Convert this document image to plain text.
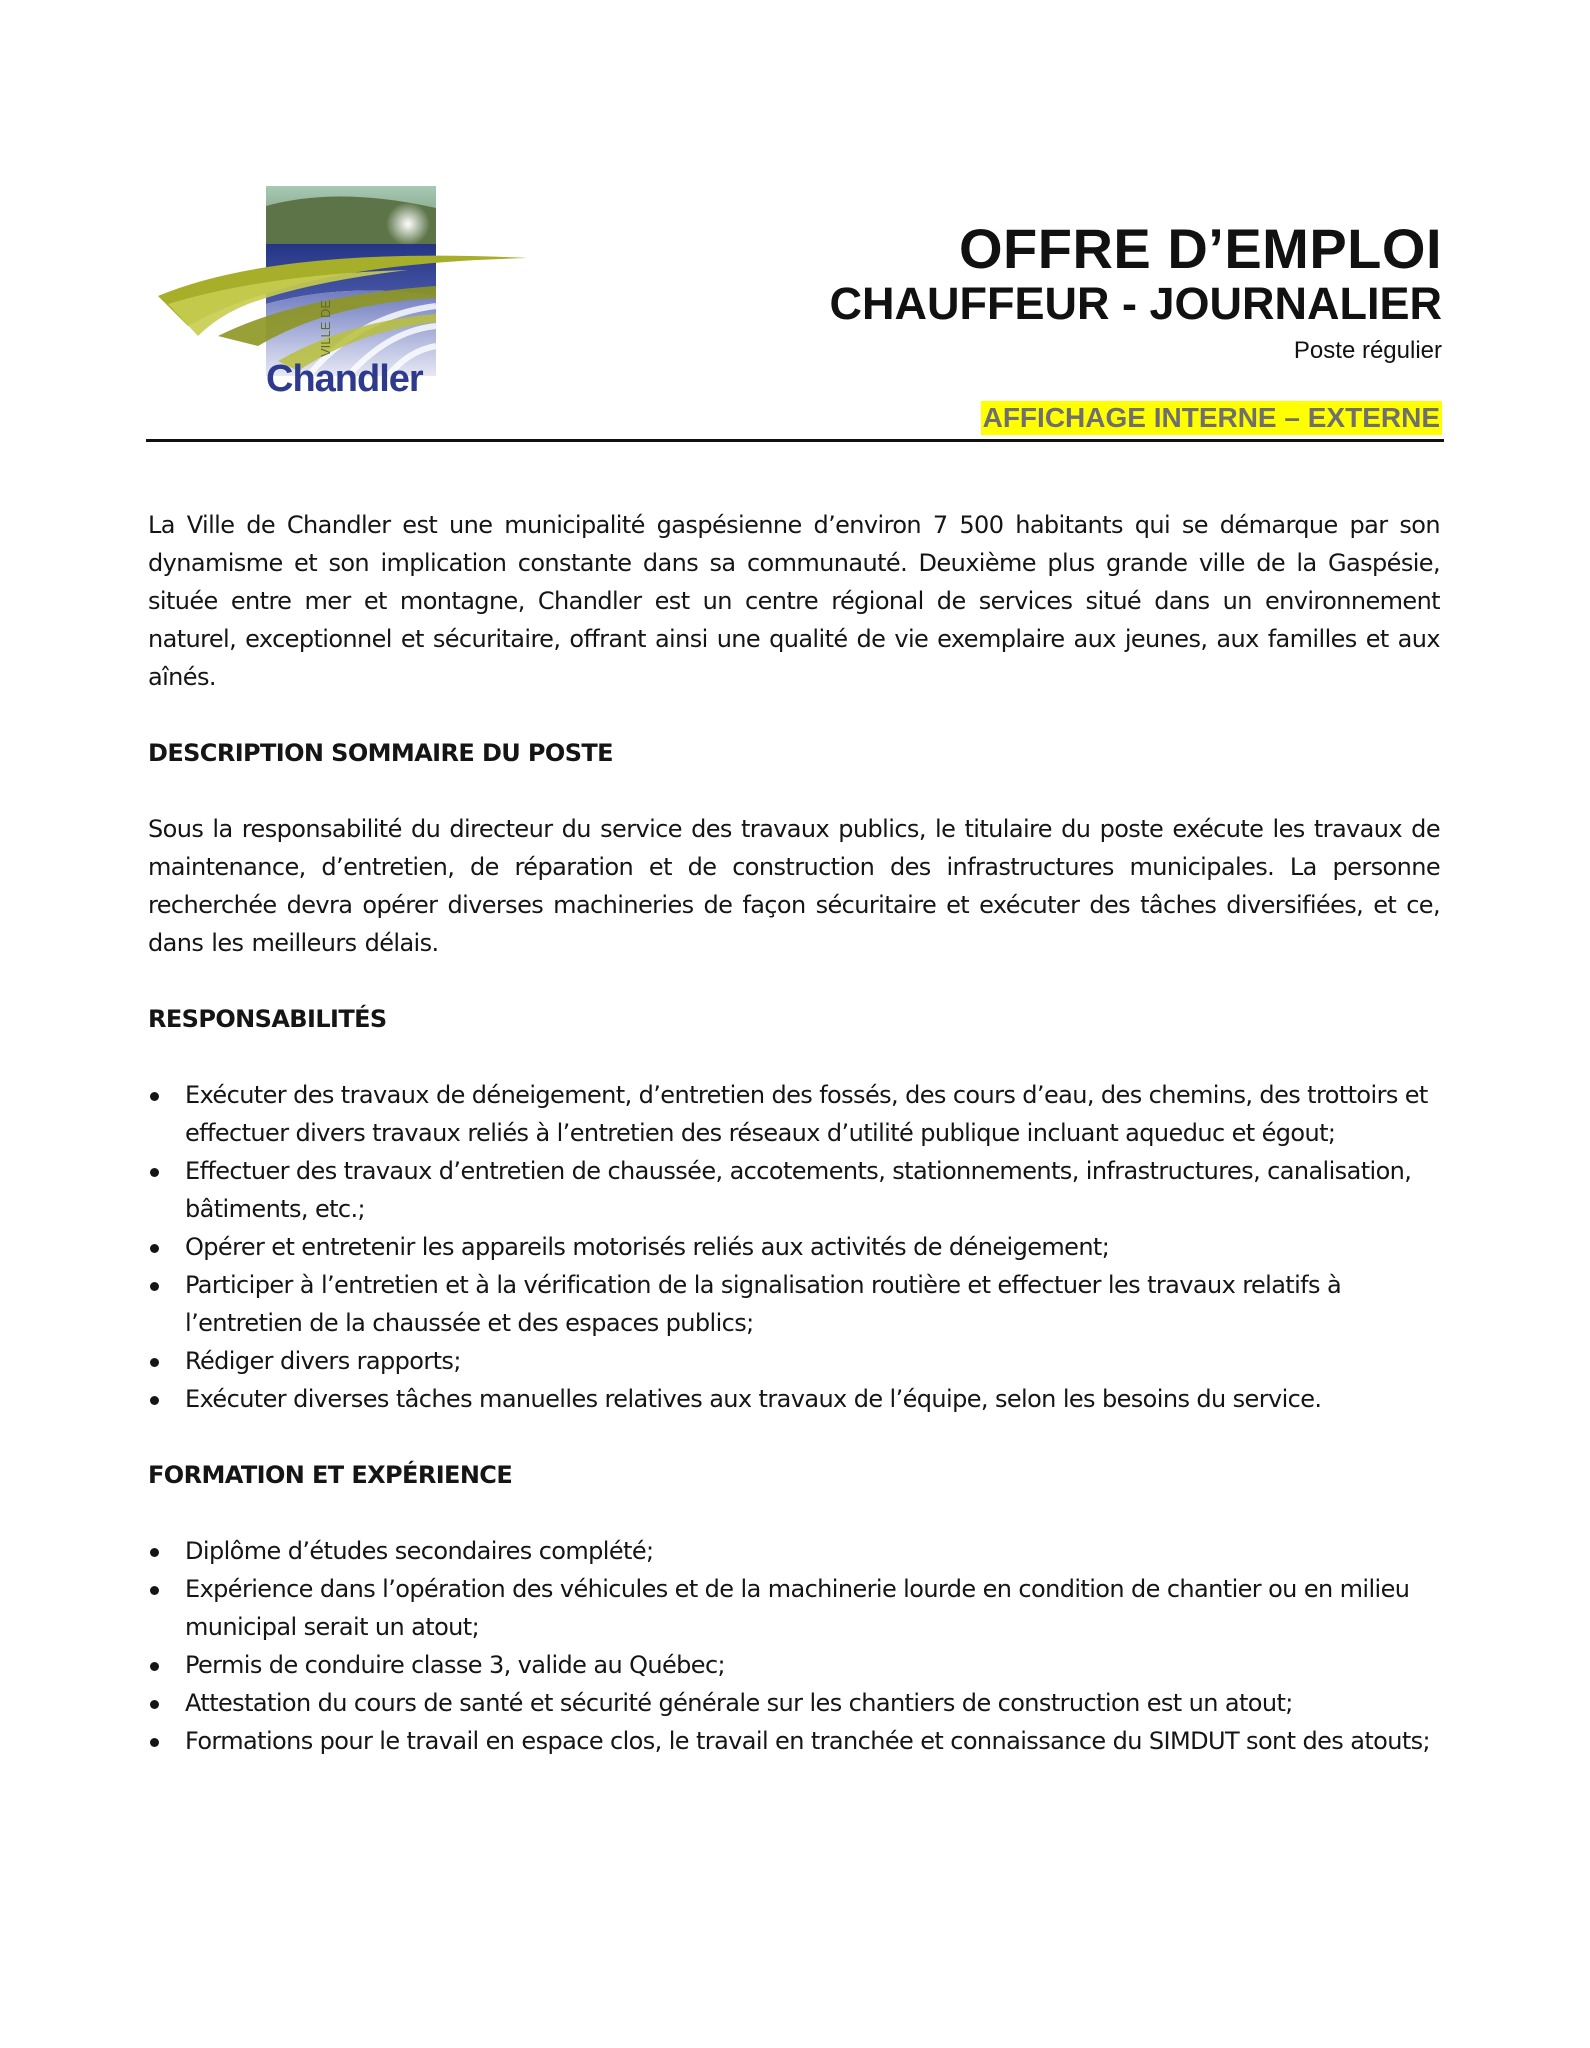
VILLE DE
Chandler
OFFRE D’EMPLOI
CHAUFFEUR - JOURNALIER
Poste régulier
AFFICHAGE INTERNE – EXTERNE

La Ville de Chandler est une municipalité gaspésienne d’environ 7 500 habitants qui se démarque par son dynamisme et son implication constante dans sa communauté. Deuxième plus grande ville de la Gaspésie, située entre mer et montagne, Chandler est un centre régional de services situé dans un environnement naturel, exceptionnel et sécuritaire, offrant ainsi une qualité de vie exemplaire aux jeunes, aux familles et aux aînés.

DESCRIPTION SOMMAIRE DU POSTE

Sous la responsabilité du directeur du service des travaux publics, le titulaire du poste exécute les travaux de maintenance, d’entretien, de réparation et de construction des infrastructures municipales. La personne recherchée devra opérer diverses machineries de façon sécuritaire et exécuter des tâches diversifiées, et ce, dans les meilleurs délais.

RESPONSABILITÉS
Exécuter des travaux de déneigement, d’entretien des fossés, des cours d’eau, des chemins, des trottoirs et effectuer divers travaux reliés à l’entretien des réseaux d’utilité publique incluant aqueduc et égout;
Effectuer des travaux d’entretien de chaussée, accotements, stationnements, infrastructures, canalisation, bâtiments, etc.;
Opérer et entretenir les appareils motorisés reliés aux activités de déneigement;
Participer à l’entretien et à la vérification de la signalisation routière et effectuer les travaux relatifs à l’entretien de la chaussée et des espaces publics;
Rédiger divers rapports;
Exécuter diverses tâches manuelles relatives aux travaux de l’équipe, selon les besoins du service.
FORMATION ET EXPÉRIENCE
Diplôme d’études secondaires complété;
Expérience dans l’opération des véhicules et de la machinerie lourde en condition de chantier ou en milieu municipal serait un atout;
Permis de conduire classe 3, valide au Québec;
Attestation du cours de santé et sécurité générale sur les chantiers de construction est un atout;
Formations pour le travail en espace clos, le travail en tranchée et connaissance du SIMDUT sont des atouts;
